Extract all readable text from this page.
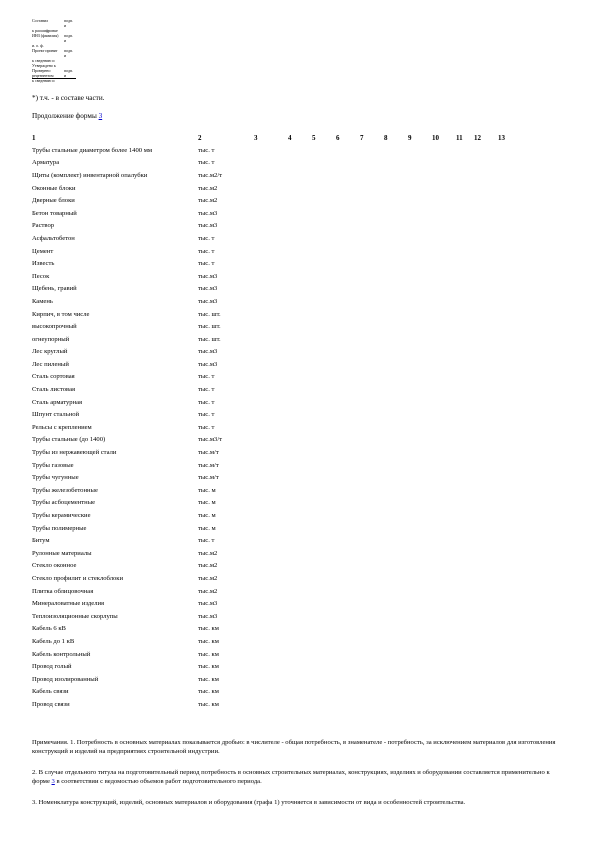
Составил	подп. и
к расшифровке
ИНЗ (фамилия)	подп. и
и. о. ф.
Проект принят	подп. и
к сведению и
Утверждено к
Проверено рецензентом
подп. и
к сведению и
*) т.ч. - в составе части.
Продолжение формы 3
1	2	3	4	5	6	7	8	9	10	11	12	13
Трубы стальные диаметром более 1400 мм	тыс. т											
Арматура	тыс. т											
Щиты (комплект) инвентарной опалубки	тыс.м2/т											
Оконные блоки	тыс.м2											
Дверные блоки	тыс.м2											
Бетон товарный	тыс.м3											
Раствор	тыс.м3											
Асфальтобетон	тыс. т											
Цемент	тыс. т											
Известь	тыс. т											
Песок	тыс.м3											
Щебень, гравий	тыс.м3											
Камень	тыс.м3											
Кирпич, в том числе	тыс. шт.											
высокопрочный	тыс. шт.											
огнеупорный	тыс. шт.											
Лес круглый	тыс.м3											
Лес пиленый	тыс.м3											
Сталь сортовая	тыс. т											
Сталь листовая	тыс. т											
Сталь арматурная	тыс. т											
Шпунт стальной	тыс. т											
Рельсы с креплением	тыс. т											
Трубы стальные (до 1400)	тыс.м3/т											
Трубы из нержавеющей стали	тыс.м/т											
Трубы газовые	тыс.м/т											
Трубы чугунные	тыс.м/т											
Трубы железобетонные	тыс. м											
Трубы асбоцементные	тыс. м											
Трубы керамические	тыс. м											
Трубы полимерные	тыс. м											
Битум	тыс. т											
Рулонные материалы	тыс.м2											
Стекло оконное	тыс.м2											
Стекло профилит и стеклоблоки	тыс.м2											
Плитка облицовочная	тыс.м2											
Минераловатные изделия	тыс.м3											
Теплоизоляционные скорлупы	тыс.м3											
Кабель 6 кВ	тыс. км											
Кабель до 1 кВ	тыс. км											
Кабель контрольный	тыс. км											
Провод голый	тыс. км											
Провод изолированный	тыс. км											
Кабель связи	тыс. км											
Провод связи	тыс. км											
Примечания. 1. Потребность в основных материалах показывается дробью: в числителе - общая потребность, в знаменателе - потребность, за исключением материалов для изготовления конструкций и изделий на предприятиях строительной индустрии.
2. В случае отдельного титула на подготовительный период потребность в основных строительных материалах, конструкциях, изделиях и оборудовании составляется применительно к форме 3 в соответствии с ведомостью объемов работ подготовительного периода.
3. Номенклатура конструкций, изделий, основных материалов и оборудования (графа 1) уточняется в зависимости от вида и особенностей строительства.
